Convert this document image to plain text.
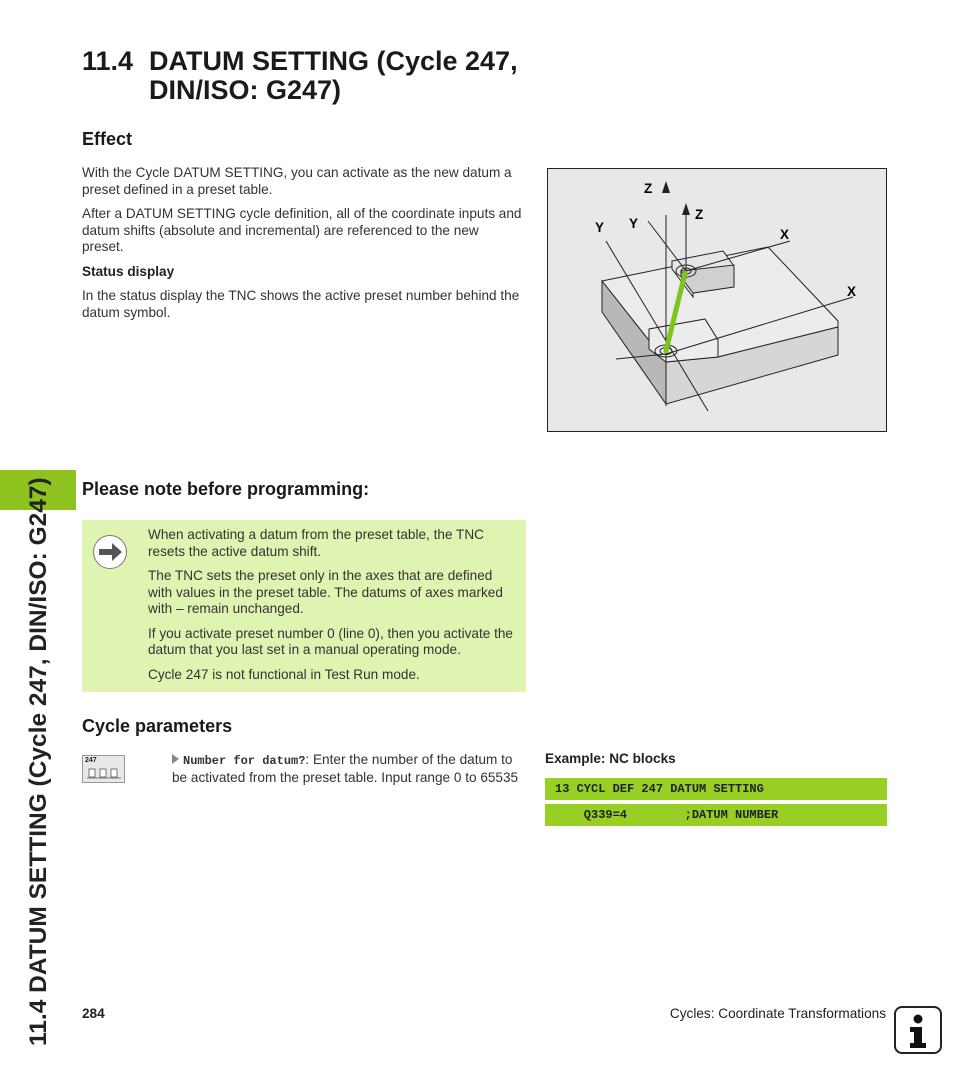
11.4 DATUM SETTING (Cycle 247, DIN/ISO: G247)
11.4 DATUM SETTING (Cycle 247,
DIN/ISO: G247)
Effect

With the Cycle DATUM SETTING, you can activate as the new datum a preset defined in a preset table.

After a DATUM SETTING cycle definition, all of the coordinate inputs and datum shifts (absolute and incremental) are referenced to the new preset.

Status display

In the status display the TNC shows the active preset number behind the datum symbol.

Z
Y Y
Z
X
X
Please note before programming:

When activating a datum from the preset table, the TNC resets the active datum shift.

The TNC sets the preset only in the axes that are defined with values in the preset table. The datums of axes marked with – remain unchanged.

If you activate preset number 0 (line 0), then you activate the datum that you last set in a manual operating mode.

Cycle 247 is not functional in Test Run mode.

Cycle parameters
247	Number for datum?: Enter the number of the datum to be activated from the preset table. Input range 0 to 65535
Example: NC blocks
13 CYCL DEF 247 DATUM SETTING
Q339=4        ;DATUM NUMBER
284	Cycles: Coordinate Transformations
